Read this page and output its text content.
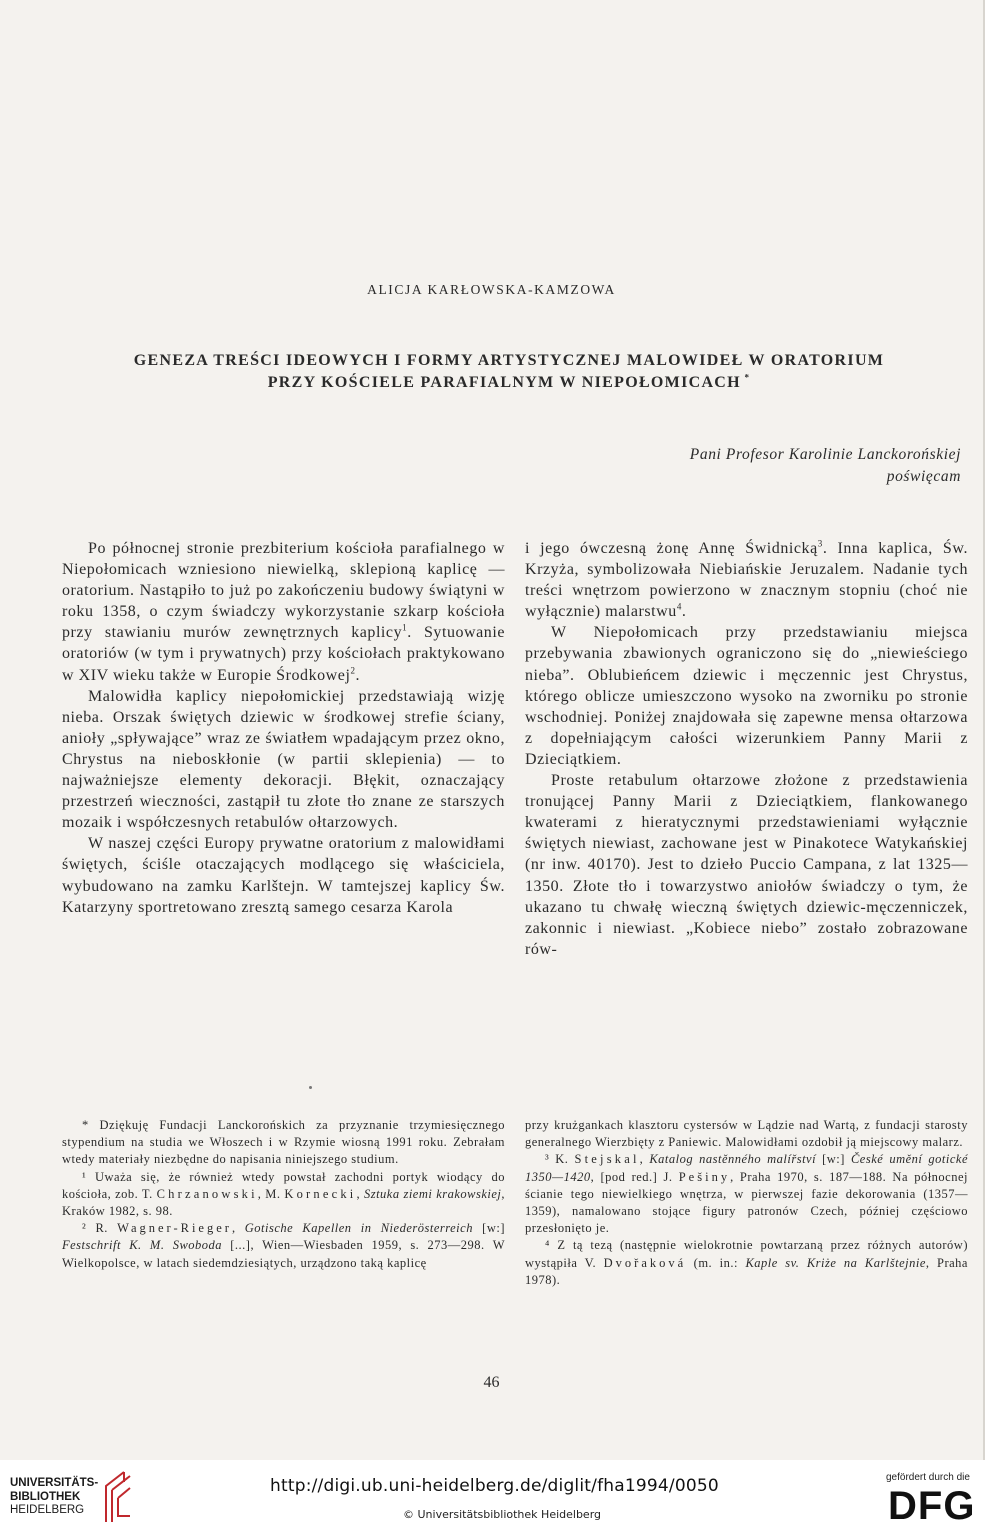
ALICJA KARŁOWSKA-KAMZOWA
GENEZA TREŚCI IDEOWYCH I FORMY ARTYSTYCZNEJ MALOWIDEŁ W ORATORIUM
PRZY KOŚCIELE PARAFIALNYM W NIEPOŁOMICACH *
Pani Profesor Karolinie Lanckorońskiej
poświęcam

Po północnej stronie prezbiterium kościoła parafialnego w Niepołomicach wzniesiono niewielką, sklepioną kaplicę — oratorium. Nastąpiło to już po zakończeniu budowy świątyni w roku 1358, o czym świadczy wykorzystanie szkarp kościoła przy stawianiu murów zewnętrznych kaplicy$^1$. Sytuowanie oratoriów (w tym i prywatnych) przy kościołach praktykowano w XIV wieku także w Europie Środkowej$^2$.

Malowidła kaplicy niepołomickiej przedstawiają wizję nieba. Orszak świętych dziewic w środkowej strefie ściany, anioły „spływające” wraz ze światłem wpadającym przez okno, Chrystus na nieboskłonie (w partii sklepienia) — to najważniejsze elementy dekoracji. Błękit, oznaczający przestrzeń wieczności, zastąpił tu złote tło znane ze starszych mozaik i współczesnych retabulów ołtarzowych.

W naszej części Europy prywatne oratorium z malowidłami świętych, ściśle otaczających modlącego się właściciela, wybudowano na zamku Karlštejn. W tamtejszej kaplicy Św. Katarzyny sportretowano zresztą samego cesarza Karola

i jego ówczesną żonę Annę Świdnicką$^3$. Inna kaplica, Św. Krzyża, symbolizowała Niebiańskie Jeruzalem. Nadanie tych treści wnętrzom powierzono w znacznym stopniu (choć nie wyłącznie) malarstwu$^4$.

W Niepołomicach przy przedstawianiu miejsca przebywania zbawionych ograniczono się do „niewieściego nieba”. Oblubieńcem dziewic i męczennic jest Chrystus, którego oblicze umieszczono wysoko na zworniku po stronie wschodniej. Poniżej znajdowała się zapewne mensa ołtarzowa z dopełniającym całości wizerunkiem Panny Marii z Dzieciątkiem.

Proste retabulum ołtarzowe złożone z przedstawienia tronującej Panny Marii z Dzieciątkiem, flankowanego kwaterami z hieratycznymi przedstawieniami wyłącznie świętych niewiast, zachowane jest w Pinakotece Watykańskiej (nr inw. 40170). Jest to dzieło Puccio Campana, z lat 1325—1350. Złote tło i towarzystwo aniołów świadczy o tym, że ukazano tu chwałę wieczną świętych dziewic-męczenniczek, zakonnic i niewiast. „Kobiece niebo” zostało zobrazowane rów-

* Dziękuję Fundacji Lanckorońskich za przyznanie trzymiesięcznego stypendium na studia we Włoszech i w Rzymie wiosną 1991 roku. Zebrałam wtedy materiały niezbędne do napisania niniejszego studium.

¹ Uważa się, że również wtedy powstał zachodni portyk wiodący do kościoła, zob. T. Chrzanowski, M. Kornecki, Sztuka ziemi krakowskiej, Kraków 1982, s. 98.

² R. Wagner-Rieger, Gotische Kapellen in Niederösterreich [w:] Festschrift K. M. Swoboda [...], Wien—Wiesbaden 1959, s. 273—298. W Wielkopolsce, w latach siedemdziesiątych, urządzono taką kaplicę

przy krużgankach klasztoru cystersów w Lądzie nad Wartą, z fundacji starosty generalnego Wierzbięty z Paniewic. Malowidłami ozdobił ją miejscowy malarz.

³ K. Stejskal, Katalog nastěnného malířství [w:] České umění gotické 1350—1420, [pod red.] J. Pešiny, Praha 1970, s. 187—188. Na północnej ścianie tego niewielkiego wnętrza, w pierwszej fazie dekorowania (1357—1359), namalowano stojące figury patronów Czech, później częściowo przesłonięto je.

⁴ Z tą tezą (następnie wielokrotnie powtarzaną przez różnych autorów) wystąpiła V. Dvořaková (m. in.: Kaple sv. Kriże na Karlštejnie, Praha 1978).

46
UNIVERSITÄTS-
BIBLIOTHEK
HEIDELBERG
http://digi.ub.uni-heidelberg.de/diglit/fha1994/0050
© Universitätsbibliothek Heidelberg
gefördert durch die
DFG
